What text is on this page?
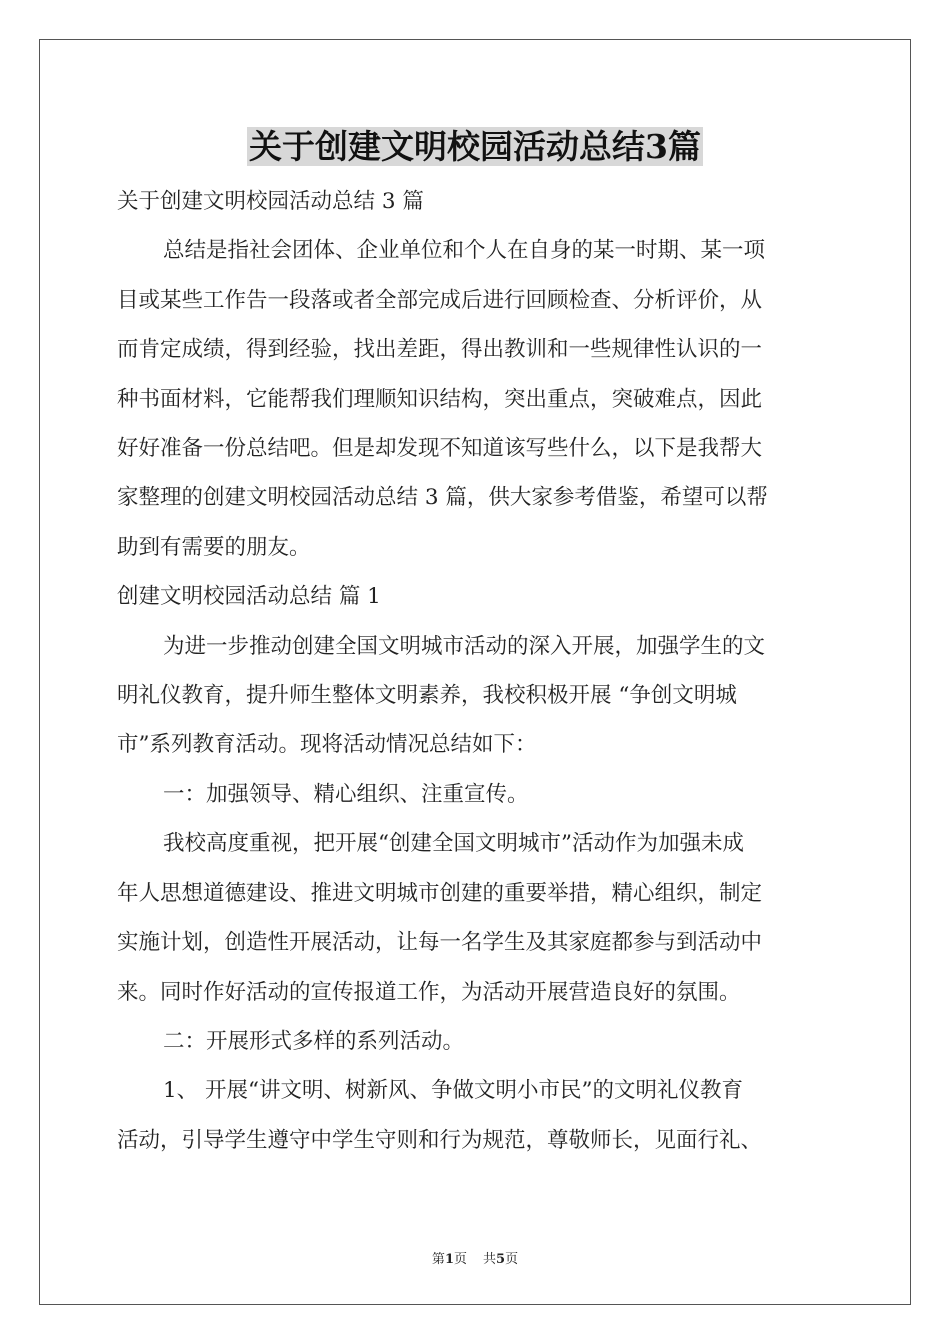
关于创建文明校园活动总结3篇
关于创建文明校园活动总结 3 篇
总结是指社会团体、企业单位和个人在自身的某一时期、某一项
目或某些工作告一段落或者全部完成后进行回顾检查、分析评价，从
而肯定成绩，得到经验，找出差距，得出教训和一些规律性认识的一
种书面材料，它能帮我们理顺知识结构，突出重点，突破难点，因此
好好准备一份总结吧。但是却发现不知道该写些什么，以下是我帮大
家整理的创建文明校园活动总结 3 篇，供大家参考借鉴，希望可以帮
助到有需要的朋友。
创建文明校园活动总结 篇 1
为进一步推动创建全国文明城市活动的深入开展，加强学生的文
明礼仪教育，提升师生整体文明素养，我校积极开展 “争创文明城
市”系列教育活动。现将活动情况总结如下：
一：加强领导、精心组织、注重宣传。
我校高度重视，把开展“创建全国文明城市”活动作为加强未成
年人思想道德建设、推进文明城市创建的重要举措，精心组织，制定
实施计划，创造性开展活动，让每一名学生及其家庭都参与到活动中
来。同时作好活动的宣传报道工作，为活动开展营造良好的氛围。
二：开展形式多样的系列活动。
1、 开展“讲文明、树新风、争做文明小市民”的文明礼仪教育
活动，引导学生遵守中学生守则和行为规范，尊敬师长，见面行礼、
第1页 共5页
